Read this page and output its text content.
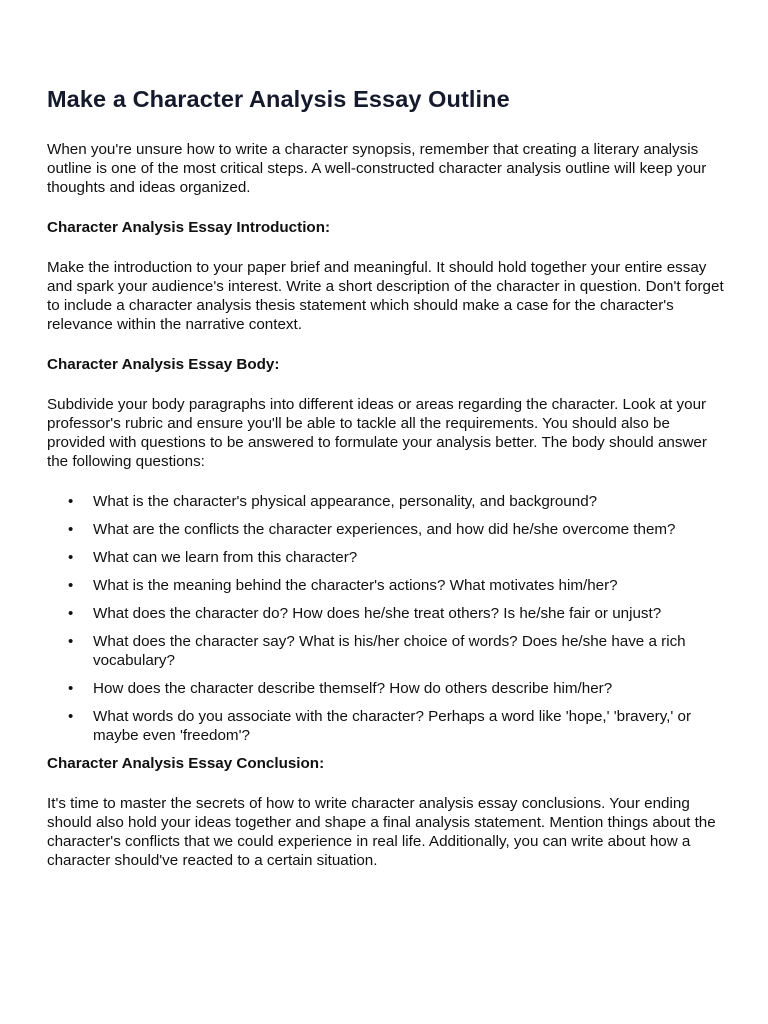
Make a Character Analysis Essay Outline

When you're unsure how to write a character synopsis, remember that creating a literary analysis outline is one of the most critical steps. A well-constructed character analysis outline will keep your thoughts and ideas organized.

Character Analysis Essay Introduction:

Make the introduction to your paper brief and meaningful. It should hold together your entire essay and spark your audience's interest. Write a short description of the character in question. Don't forget to include a character analysis thesis statement which should make a case for the character's relevance within the narrative context.

Character Analysis Essay Body:

Subdivide your body paragraphs into different ideas or areas regarding the character. Look at your professor's rubric and ensure you'll be able to tackle all the requirements. You should also be provided with questions to be answered to formulate your analysis better. The body should answer the following questions:

• What is the character's physical appearance, personality, and background?
• What are the conflicts the character experiences, and how did he/she overcome them?
• What can we learn from this character?
• What is the meaning behind the character's actions? What motivates him/her?
• What does the character do? How does he/she treat others? Is he/she fair or unjust?
• What does the character say? What is his/her choice of words? Does he/she have a rich vocabulary?
• How does the character describe themself? How do others describe him/her?
• What words do you associate with the character? Perhaps a word like 'hope,' 'bravery,' or maybe even 'freedom'?

Character Analysis Essay Conclusion:

It's time to master the secrets of how to write character analysis essay conclusions. Your ending should also hold your ideas together and shape a final analysis statement. Mention things about the character's conflicts that we could experience in real life. Additionally, you can write about how a character should've reacted to a certain situation.
